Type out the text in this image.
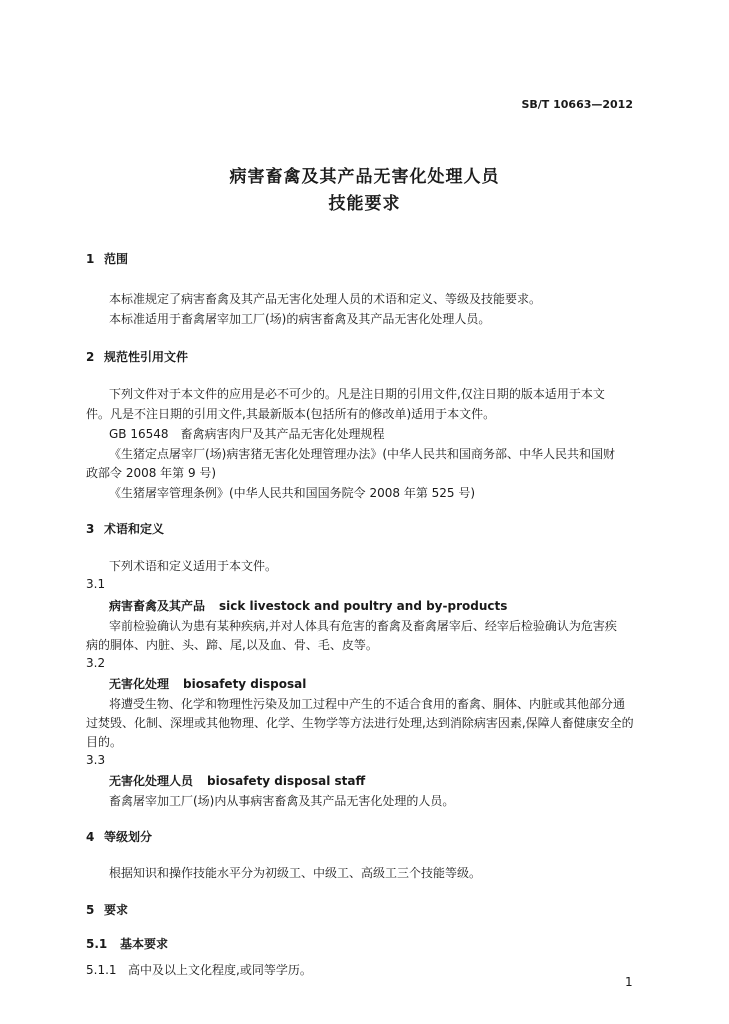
SB/T 10663—2012
病害畜禽及其产品无害化处理人员
技能要求
1 范围
本标准规定了病害畜禽及其产品无害化处理人员的术语和定义、等级及技能要求。
本标准适用于畜禽屠宰加工厂(场)的病害畜禽及其产品无害化处理人员。
2 规范性引用文件
下列文件对于本文件的应用是必不可少的。凡是注日期的引用文件,仅注日期的版本适用于本文
件。凡是不注日期的引用文件,其最新版本(包括所有的修改单)适用于本文件。
GB 16548　畜禽病害肉尸及其产品无害化处理规程
《生猪定点屠宰厂(场)病害猪无害化处理管理办法》(中华人民共和国商务部、中华人民共和国财
政部令 2008 年第 9 号)
《生猪屠宰管理条例》(中华人民共和国国务院令 2008 年第 525 号)
3 术语和定义
下列术语和定义适用于本文件。
3.1
病害畜禽及其产品 sick livestock and poultry and by-products
宰前检验确认为患有某种疾病,并对人体具有危害的畜禽及畜禽屠宰后、经宰后检验确认为危害疾
病的胴体、内脏、头、蹄、尾,以及血、骨、毛、皮等。
3.2
无害化处理 biosafety disposal
将遭受生物、化学和物理性污染及加工过程中产生的不适合食用的畜禽、胴体、内脏或其他部分通
过焚毁、化制、深埋或其他物理、化学、生物学等方法进行处理,达到消除病害因素,保障人畜健康安全的
目的。
3.3
无害化处理人员 biosafety disposal staff
畜禽屠宰加工厂(场)内从事病害畜禽及其产品无害化处理的人员。
4 等级划分
根据知识和操作技能水平分为初级工、中级工、高级工三个技能等级。
5 要求
5.1 基本要求
5.1.1 高中及以上文化程度,或同等学历。
1
